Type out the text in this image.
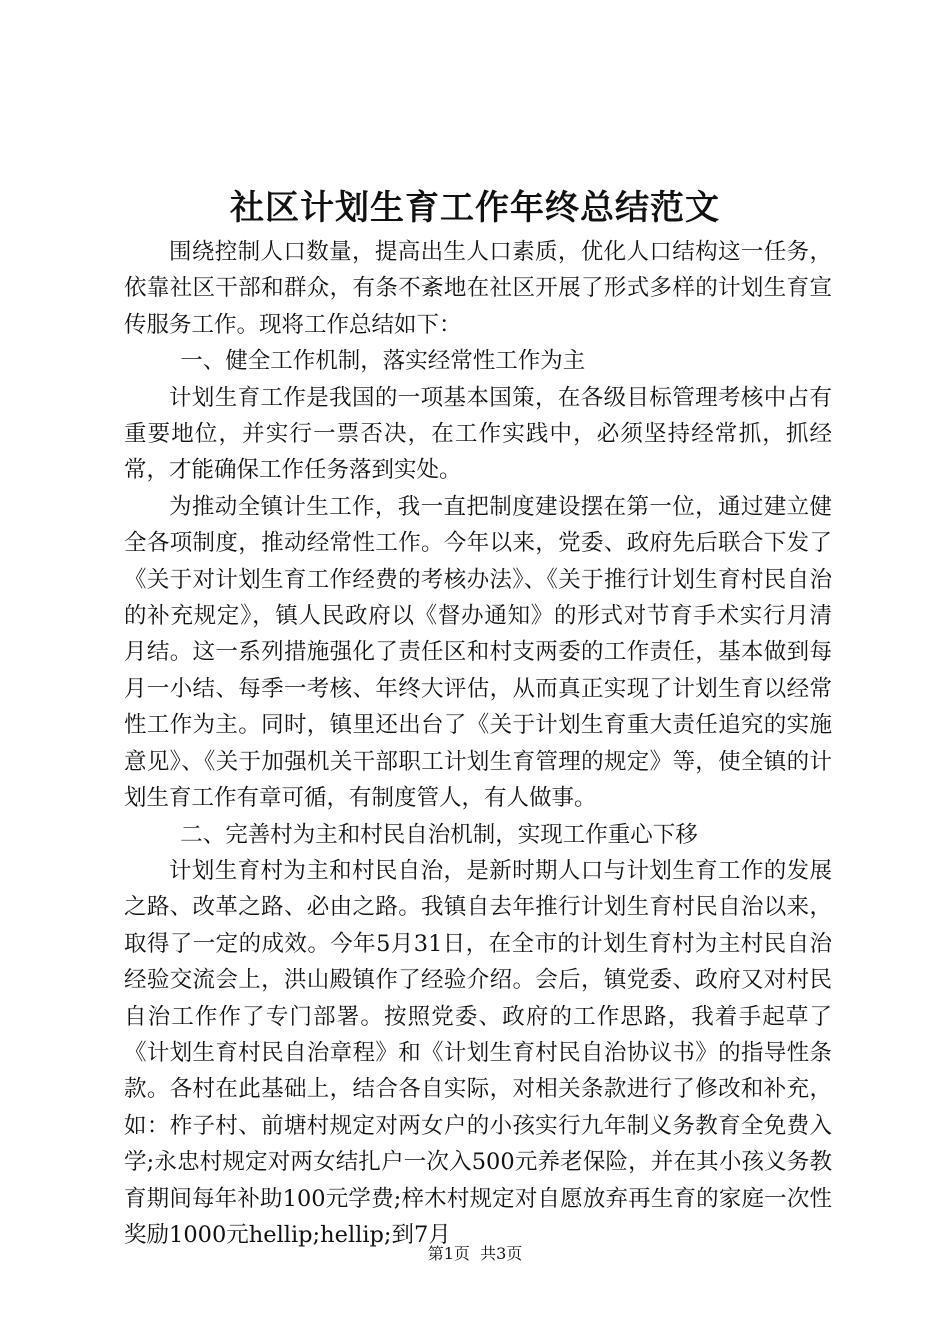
社区计划生育工作年终总结范文

围绕控制人口数量，提高出生人口素质，优化人口结构这一任务，依靠社区干部和群众，有条不紊地在社区开展了形式多样的计划生育宣传服务工作。现将工作总结如下：

一、健全工作机制，落实经常性工作为主

计划生育工作是我国的一项基本国策，在各级目标管理考核中占有重要地位，并实行一票否决，在工作实践中，必须坚持经常抓，抓经常，才能确保工作任务落到实处。

为推动全镇计生工作，我一直把制度建设摆在第一位，通过建立健全各项制度，推动经常性工作。今年以来，党委、政府先后联合下发了《关于对计划生育工作经费的考核办法》、《关于推行计划生育村民自治的补充规定》，镇人民政府以《督办通知》的形式对节育手术实行月清月结。这一系列措施强化了责任区和村支两委的工作责任，基本做到每月一小结、每季一考核、年终大评估，从而真正实现了计划生育以经常性工作为主。同时，镇里还出台了《关于计划生育重大责任追究的实施意见》、《关于加强机关干部职工计划生育管理的规定》等，使全镇的计划生育工作有章可循，有制度管人，有人做事。

二、完善村为主和村民自治机制，实现工作重心下移

计划生育村为主和村民自治，是新时期人口与计划生育工作的发展之路、改革之路、必由之路。我镇自去年推行计划生育村民自治以来，取得了一定的成效。今年5月31日，在全市的计划生育村为主村民自治经验交流会上，洪山殿镇作了经验介绍。会后，镇党委、政府又对村民自治工作作了专门部署。按照党委、政府的工作思路，我着手起草了《计划生育村民自治章程》和《计划生育村民自治协议书》的指导性条款。各村在此基础上，结合各自实际，对相关条款进行了修改和补充，如：柞子村、前塘村规定对两女户的小孩实行九年制义务教育全免费入学;永忠村规定对两女结扎户一次入500元养老保险，并在其小孩义务教育期间每年补助100元学费;梓木村规定对自愿放弃再生育的家庭一次性奖励1000元hellip;hellip;到7月

第1页  共3页
